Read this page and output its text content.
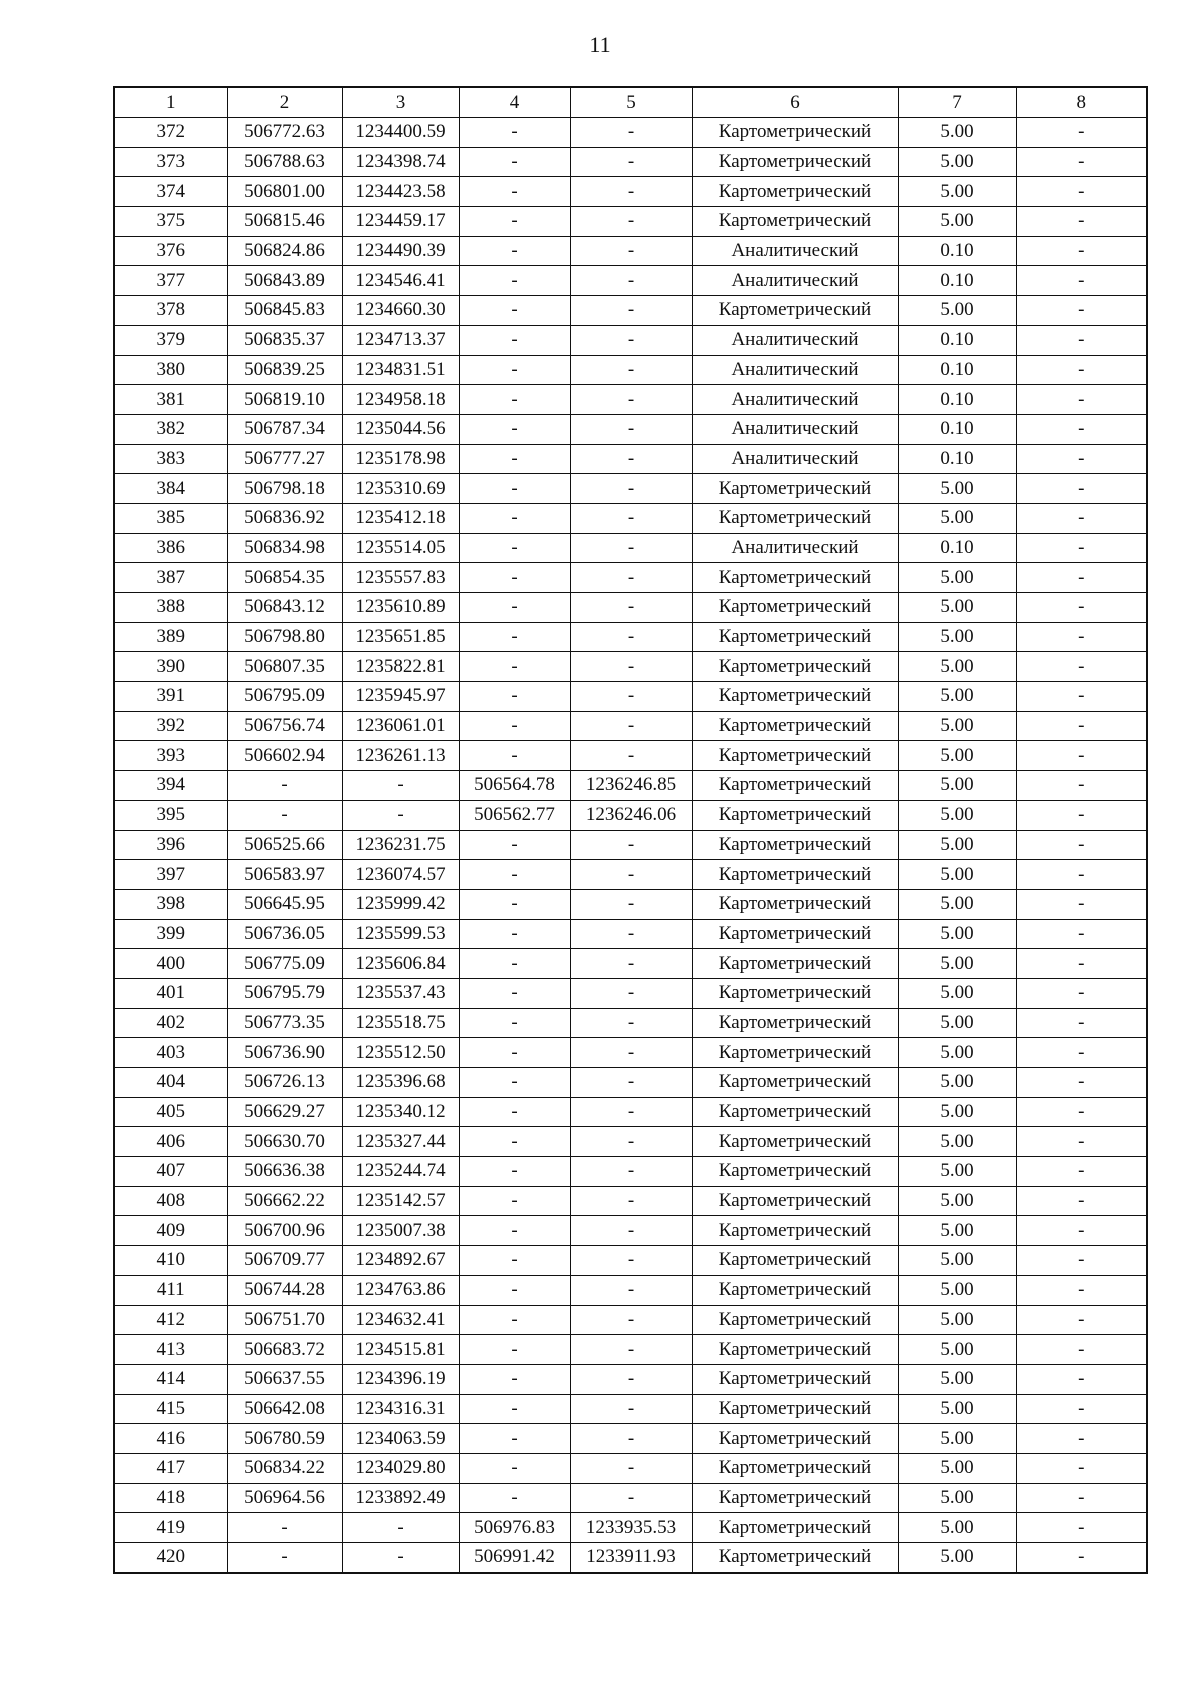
11
1	2	3	4	5	6	7	8
372	506772.63	1234400.59	-	-	Картометрический	5.00	-
373	506788.63	1234398.74	-	-	Картометрический	5.00	-
374	506801.00	1234423.58	-	-	Картометрический	5.00	-
375	506815.46	1234459.17	-	-	Картометрический	5.00	-
376	506824.86	1234490.39	-	-	Аналитический	0.10	-
377	506843.89	1234546.41	-	-	Аналитический	0.10	-
378	506845.83	1234660.30	-	-	Картометрический	5.00	-
379	506835.37	1234713.37	-	-	Аналитический	0.10	-
380	506839.25	1234831.51	-	-	Аналитический	0.10	-
381	506819.10	1234958.18	-	-	Аналитический	0.10	-
382	506787.34	1235044.56	-	-	Аналитический	0.10	-
383	506777.27	1235178.98	-	-	Аналитический	0.10	-
384	506798.18	1235310.69	-	-	Картометрический	5.00	-
385	506836.92	1235412.18	-	-	Картометрический	5.00	-
386	506834.98	1235514.05	-	-	Аналитический	0.10	-
387	506854.35	1235557.83	-	-	Картометрический	5.00	-
388	506843.12	1235610.89	-	-	Картометрический	5.00	-
389	506798.80	1235651.85	-	-	Картометрический	5.00	-
390	506807.35	1235822.81	-	-	Картометрический	5.00	-
391	506795.09	1235945.97	-	-	Картометрический	5.00	-
392	506756.74	1236061.01	-	-	Картометрический	5.00	-
393	506602.94	1236261.13	-	-	Картометрический	5.00	-
394	-	-	506564.78	1236246.85	Картометрический	5.00	-
395	-	-	506562.77	1236246.06	Картометрический	5.00	-
396	506525.66	1236231.75	-	-	Картометрический	5.00	-
397	506583.97	1236074.57	-	-	Картометрический	5.00	-
398	506645.95	1235999.42	-	-	Картометрический	5.00	-
399	506736.05	1235599.53	-	-	Картометрический	5.00	-
400	506775.09	1235606.84	-	-	Картометрический	5.00	-
401	506795.79	1235537.43	-	-	Картометрический	5.00	-
402	506773.35	1235518.75	-	-	Картометрический	5.00	-
403	506736.90	1235512.50	-	-	Картометрический	5.00	-
404	506726.13	1235396.68	-	-	Картометрический	5.00	-
405	506629.27	1235340.12	-	-	Картометрический	5.00	-
406	506630.70	1235327.44	-	-	Картометрический	5.00	-
407	506636.38	1235244.74	-	-	Картометрический	5.00	-
408	506662.22	1235142.57	-	-	Картометрический	5.00	-
409	506700.96	1235007.38	-	-	Картометрический	5.00	-
410	506709.77	1234892.67	-	-	Картометрический	5.00	-
411	506744.28	1234763.86	-	-	Картометрический	5.00	-
412	506751.70	1234632.41	-	-	Картометрический	5.00	-
413	506683.72	1234515.81	-	-	Картометрический	5.00	-
414	506637.55	1234396.19	-	-	Картометрический	5.00	-
415	506642.08	1234316.31	-	-	Картометрический	5.00	-
416	506780.59	1234063.59	-	-	Картометрический	5.00	-
417	506834.22	1234029.80	-	-	Картометрический	5.00	-
418	506964.56	1233892.49	-	-	Картометрический	5.00	-
419	-	-	506976.83	1233935.53	Картометрический	5.00	-
420	-	-	506991.42	1233911.93	Картометрический	5.00	-
